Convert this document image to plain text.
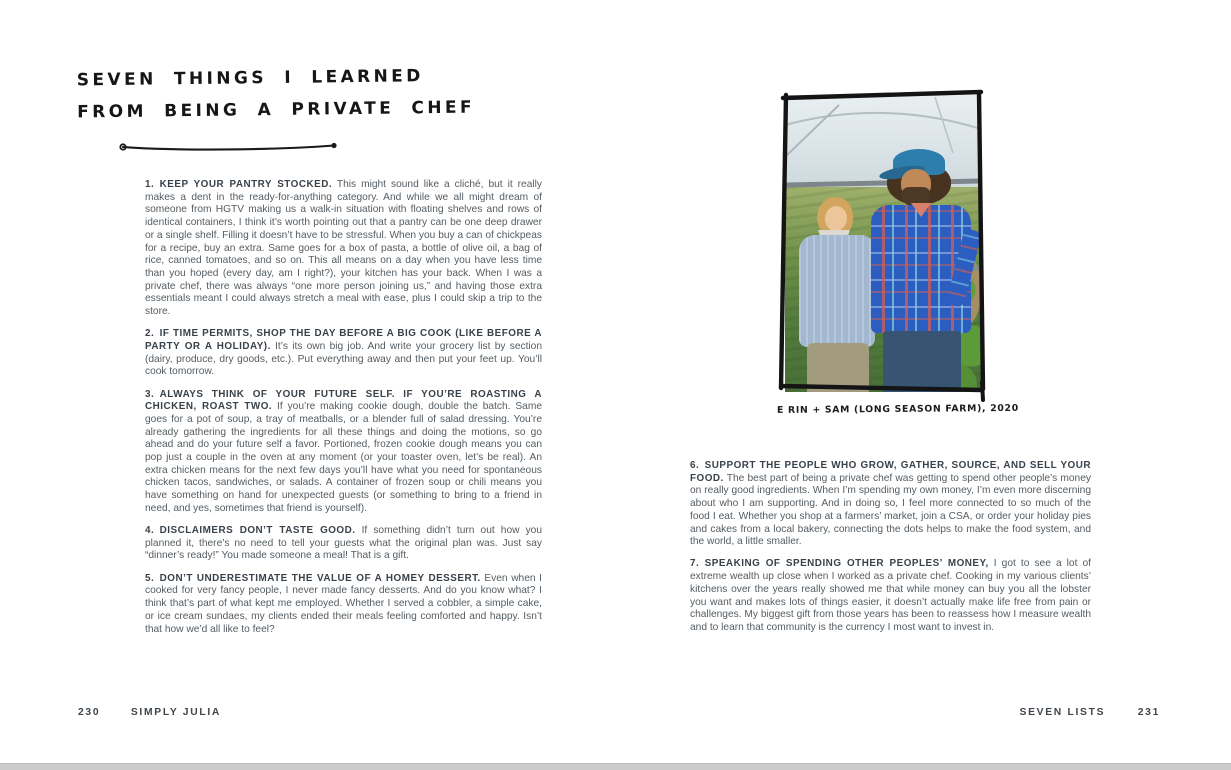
SEVEN THINGS I LEARNED
FROM BEING A PRIVATE CHEF

1. KEEP YOUR PANTRY STOCKED. This might sound like a cliché, but it really makes a dent in the ready-for-anything category. And while we all might dream of someone from HGTV making us a walk-in situation with floating shelves and rows of identical containers, I think it’s worth pointing out that a pantry can be one deep drawer or a single shelf. Filling it doesn’t have to be stressful. When you buy a can of chickpeas for a recipe, buy an extra. Same goes for a box of pasta, a bottle of olive oil, a bag of rice, canned tomatoes, and so on. This all means on a day when you have less time than you hoped (every day, am I right?), your kitchen has your back. When I was a private chef, there was always “one more person joining us,” and having those extra essentials meant I could always stretch a meal with ease, plus I could skip a trip to the store.

2. IF TIME PERMITS, SHOP THE DAY BEFORE A BIG COOK (LIKE BEFORE A PARTY OR A HOLIDAY). It’s its own big job. And write your grocery list by section (dairy, produce, dry goods, etc.). Put everything away and then put your feet up. You’ll cook tomorrow.

3. ALWAYS THINK OF YOUR FUTURE SELF. IF YOU’RE ROASTING A CHICKEN, ROAST TWO. If you’re making cookie dough, double the batch. Same goes for a pot of soup, a tray of meatballs, or a blender full of salad dressing. You’re already gathering the ingredients for all these things and doing the motions, so go ahead and do your future self a favor. Portioned, frozen cookie dough means you can pop just a couple in the oven at any moment (or your toaster oven, let’s be real). An extra chicken means for the next few days you’ll have what you need for spontaneous chicken tacos, sandwiches, or salads. A container of frozen soup or chili means you have something on hand for unexpected guests (or something to bring to a friend in need, and yes, sometimes that friend is yourself).

4. DISCLAIMERS DON’T TASTE GOOD. If something didn’t turn out how you planned it, there’s no need to tell your guests what the original plan was. Just say “dinner’s ready!” You made someone a meal! That is a gift.

5. DON’T UNDERESTIMATE THE VALUE OF A HOMEY DESSERT. Even when I cooked for very fancy people, I never made fancy desserts. And do you know what? I think that’s part of what kept me employed. Whether I served a cobbler, a simple cake, or ice cream sundaes, my clients ended their meals feeling comforted and happy. Isn’t that how we’d all like to feel?

230	SIMPLY JULIA
E RIN + SAM (LONG SEASON FARM), 2020

6. SUPPORT THE PEOPLE WHO GROW, GATHER, SOURCE, AND SELL YOUR FOOD. The best part of being a private chef was getting to spend other people’s money on really good ingredients. When I’m spending my own money, I’m even more discerning about who I am supporting. And in doing so, I feel more connected to so much of the food I eat. Whether you shop at a farmers’ market, join a CSA, or order your holiday pies and cakes from a local bakery, connecting the dots helps to make the food system, and the world, a little smaller.

7. SPEAKING OF SPENDING OTHER PEOPLES’ MONEY, I got to see a lot of extreme wealth up close when I worked as a private chef. Cooking in my various clients’ kitchens over the years really showed me that while money can buy you all the lobster you want and makes lots of things easier, it doesn’t actually make life free from pain or challenges. My biggest gift from those years has been to reassess how I measure wealth and to learn that community is the currency I most want to invest in.

SEVEN LISTS	231
